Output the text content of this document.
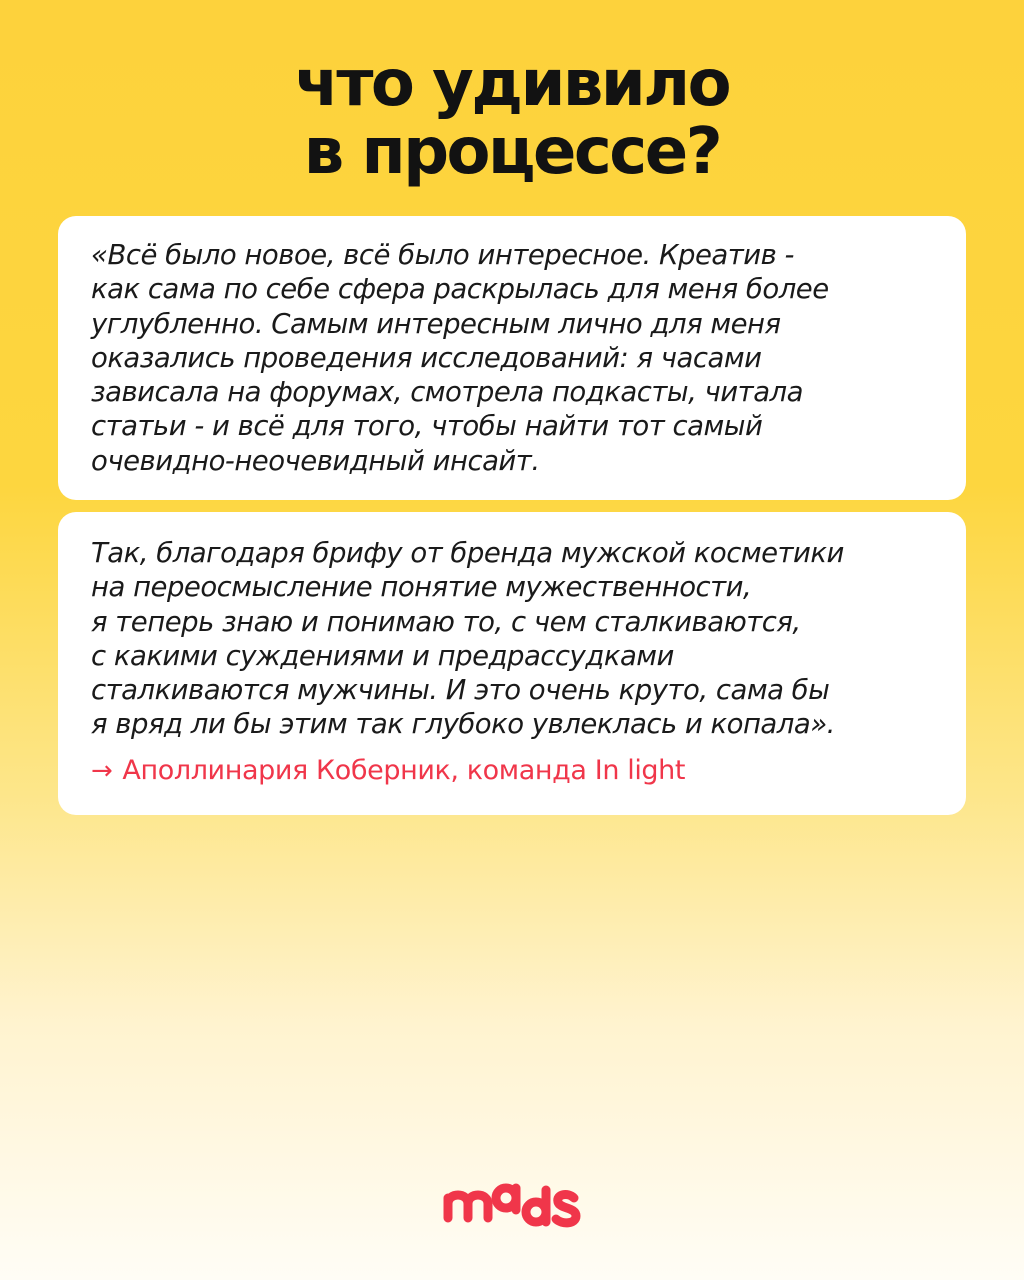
что удивило
в процессе?

«Всё было новое, всё было интересное. Креатив -
как сама по себе сфера раскрылась для меня более
углубленно. Самым интересным лично для меня
оказались проведения исследований: я часами
зависала на форумах, смотрела подкасты, читала
статьи - и всё для того, чтобы найти тот самый
очевидно-неочевидный инсайт.

Так, благодаря брифу от бренда мужской косметики
на переосмысление понятие мужественности,
я теперь знаю и понимаю то, с чем сталкиваются,
с какими суждениями и предрассудками
сталкиваются мужчины. И это очень круто, сама бы
я вряд ли бы этим так глубоко увлеклась и копала».

→ Аполлинария Коберник, команда In light
